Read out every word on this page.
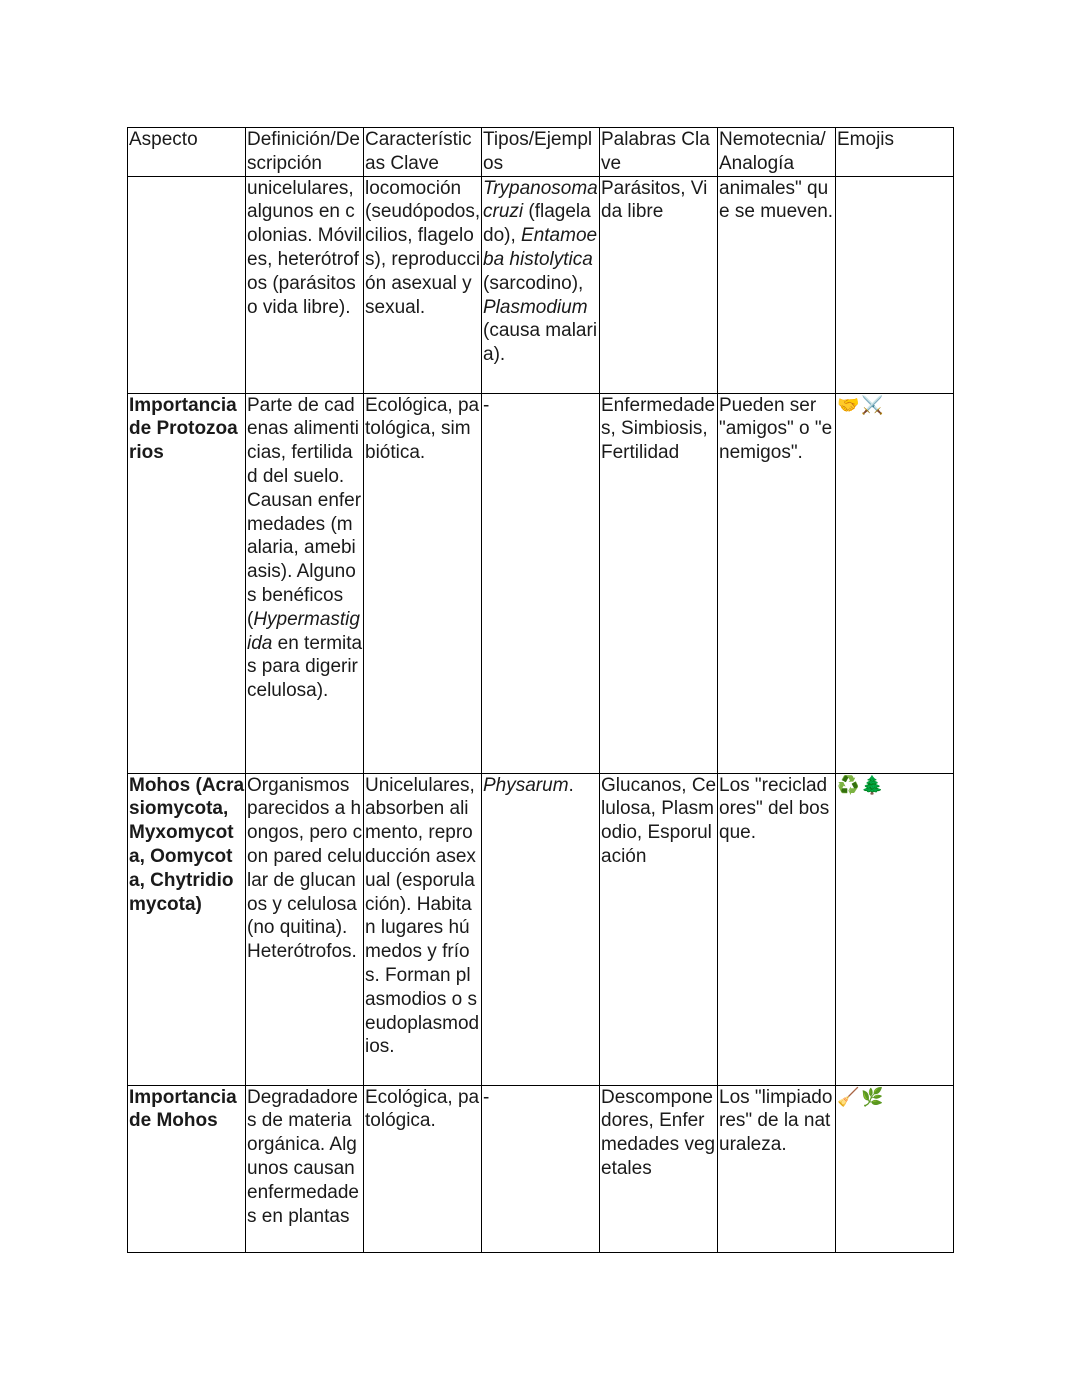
Aspecto	Definición/Descripción	Características Clave	Tipos/Ejemplos	Palabras Clave	Nemotecnia/Analogía	Emojis
	unicelulares, algunos en colonias. Móviles, heterótrofos (parásitos o vida libre).	locomoción (seudópodos, cilios, flagelos), reproducción asexual y sexual.	Trypanosoma cruzi (flagelado), Entamoeba histolytica (sarcodino), Plasmodium (causa malaria).	Parásitos, Vida libre	animales" que se mueven.	
Importancia de Protozoarios	Parte de cadenas alimenticias, fertilidad del suelo. Causan enfermedades (malaria, amebiasis). Algunos benéficos (Hypermastigida en termitas para digerir celulosa).	Ecológica, patológica, simbiótica.	-	Enfermedades, Simbiosis, Fertilidad	Pueden ser "amigos" o "enemigos".	🤝⚔️
Mohos (Acrasiomycota, Myxomycota, Oomycota, Chytridiomycota)	Organismos parecidos a hongos, pero con pared celular de glucanos y celulosa (no quitina). Heterótrofos.	Unicelulares, absorben alimento, reproducción asexual (esporulación). Habitan lugares húmedos y fríos. Forman plasmodios o seudoplasmodios.	Physarum.	Glucanos, Celulosa, Plasmodio, Esporulación	Los "recicladores" del bosque.	♻️🌲
Importancia de Mohos	Degradadores de materia orgánica. Algunos causan enfermedades en plantas	Ecológica, patológica.	-	Descomponedores, Enfermedades vegetales	Los "limpiadores" de la naturaleza.	🧹🌿
